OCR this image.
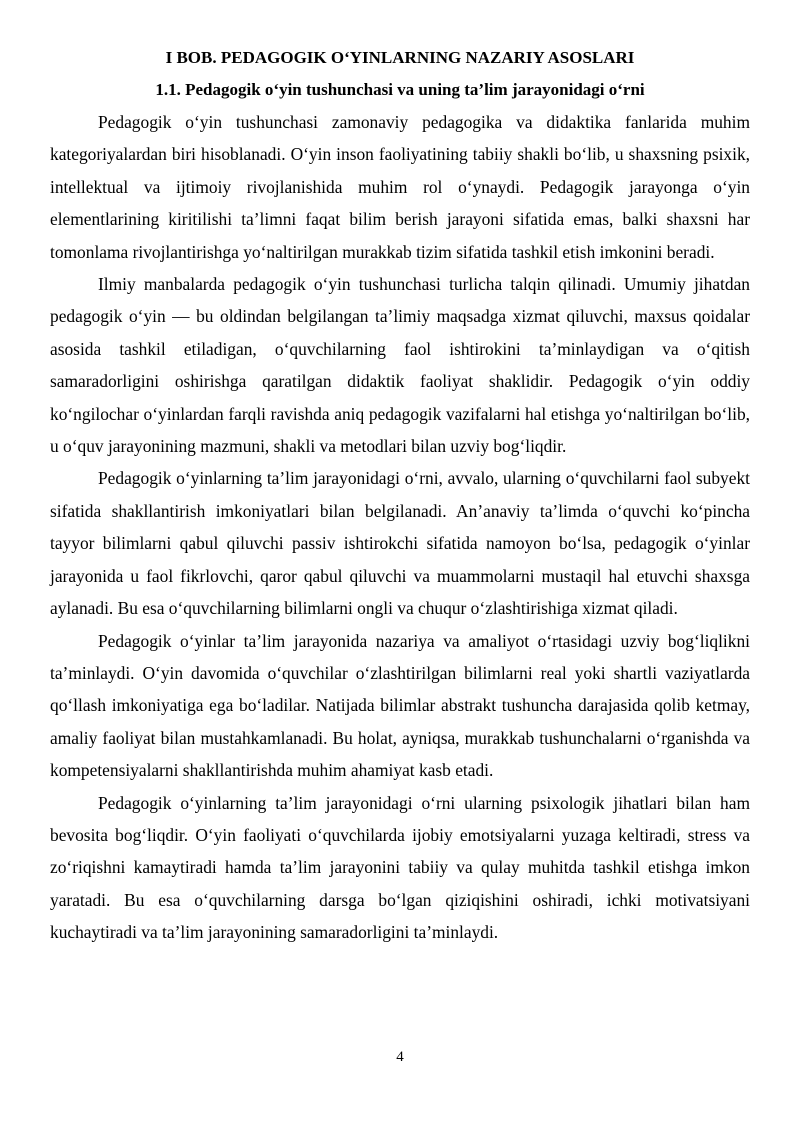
I BOB. PEDAGOGIK O‘YINLARNING NAZARIY ASOSLARI
1.1. Pedagogik o‘yin tushunchasi va uning ta’lim jarayonidagi o‘rni

Pedagogik o‘yin tushunchasi zamonaviy pedagogika va didaktika fanlarida muhim kategoriyalardan biri hisoblanadi. O‘yin inson faoliyatining tabiiy shakli bo‘lib, u shaxsning psixik, intellektual va ijtimoiy rivojlanishida muhim rol o‘ynaydi. Pedagogik jarayonga o‘yin elementlarining kiritilishi ta’limni faqat bilim berish jarayoni sifatida emas, balki shaxsni har tomonlama rivojlantirishga yo‘naltirilgan murakkab tizim sifatida tashkil etish imkonini beradi.

Ilmiy manbalarda pedagogik o‘yin tushunchasi turlicha talqin qilinadi. Umumiy jihatdan pedagogik o‘yin — bu oldindan belgilangan ta’limiy maqsadga xizmat qiluvchi, maxsus qoidalar asosida tashkil etiladigan, o‘quvchilarning faol ishtirokini ta’minlaydigan va o‘qitish samaradorligini oshirishga qaratilgan didaktik faoliyat shaklidir. Pedagogik o‘yin oddiy ko‘ngilochar o‘yinlardan farqli ravishda aniq pedagogik vazifalarni hal etishga yo‘naltirilgan bo‘lib, u o‘quv jarayonining mazmuni, shakli va metodlari bilan uzviy bog‘liqdir.

Pedagogik o‘yinlarning ta’lim jarayonidagi o‘rni, avvalo, ularning o‘quvchilarni faol subyekt sifatida shakllantirish imkoniyatlari bilan belgilanadi. An’anaviy ta’limda o‘quvchi ko‘pincha tayyor bilimlarni qabul qiluvchi passiv ishtirokchi sifatida namoyon bo‘lsa, pedagogik o‘yinlar jarayonida u faol fikrlovchi, qaror qabul qiluvchi va muammolarni mustaqil hal etuvchi shaxsga aylanadi. Bu esa o‘quvchilarning bilimlarni ongli va chuqur o‘zlashtirishiga xizmat qiladi.

Pedagogik o‘yinlar ta’lim jarayonida nazariya va amaliyot o‘rtasidagi uzviy bog‘liqlikni ta’minlaydi. O‘yin davomida o‘quvchilar o‘zlashtirilgan bilimlarni real yoki shartli vaziyatlarda qo‘llash imkoniyatiga ega bo‘ladilar. Natijada bilimlar abstrakt tushuncha darajasida qolib ketmay, amaliy faoliyat bilan mustahkamlanadi. Bu holat, ayniqsa, murakkab tushunchalarni o‘rganishda va kompetensiyalarni shakllantirishda muhim ahamiyat kasb etadi.

Pedagogik o‘yinlarning ta’lim jarayonidagi o‘rni ularning psixologik jihatlari bilan ham bevosita bog‘liqdir. O‘yin faoliyati o‘quvchilarda ijobiy emotsiyalarni yuzaga keltiradi, stress va zo‘riqishni kamaytiradi hamda ta’lim jarayonini tabiiy va qulay muhitda tashkil etishga imkon yaratadi. Bu esa o‘quvchilarning darsga bo‘lgan qiziqishini oshiradi, ichki motivatsiyani kuchaytiradi va ta’lim jarayonining samaradorligini ta’minlaydi.

4
